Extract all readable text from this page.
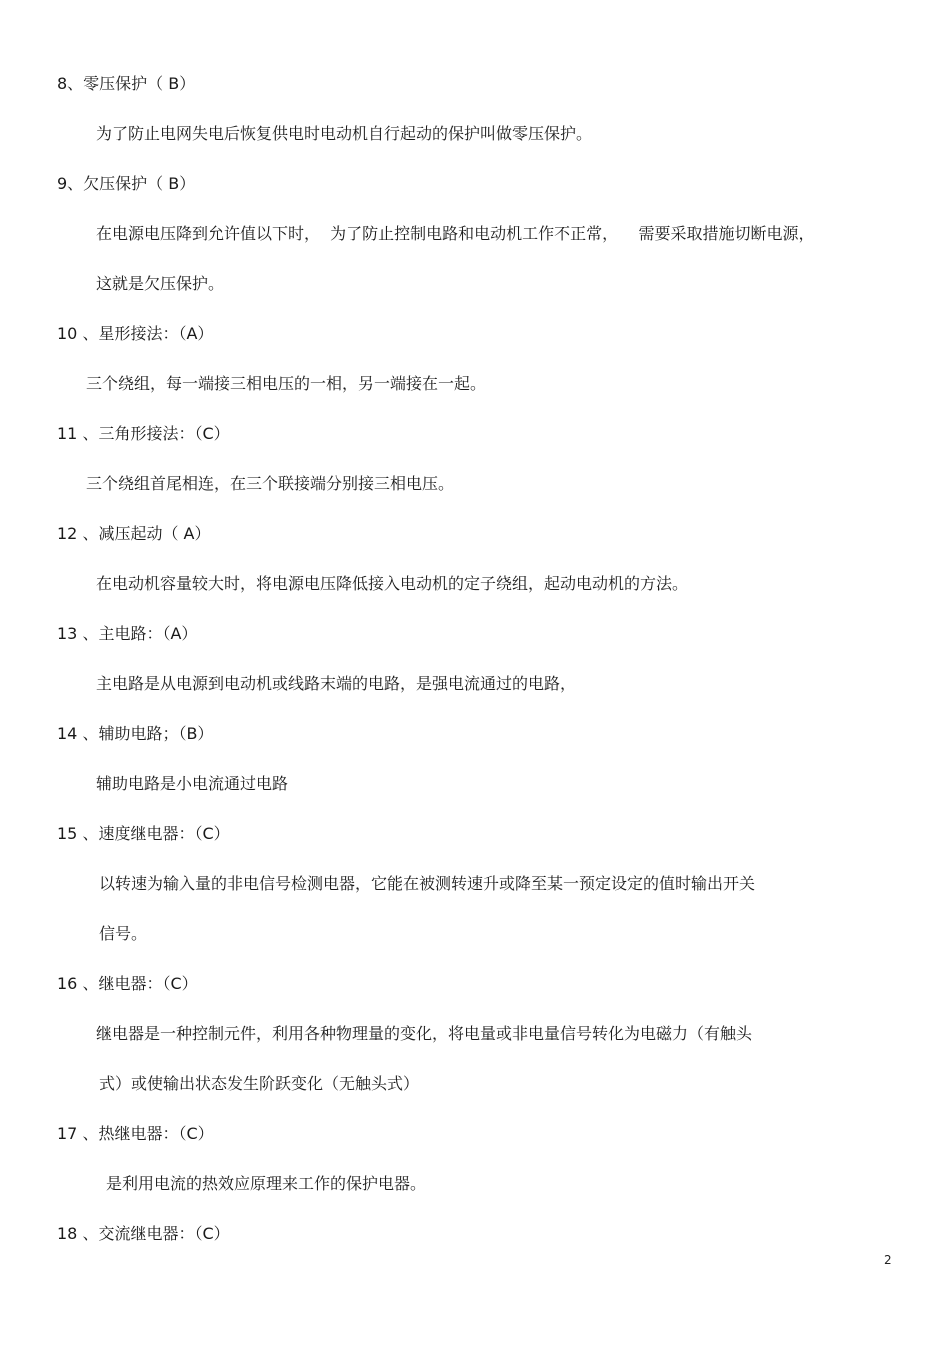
8、零压保护（ B）
为了防止电网失电后恢复供电时电动机自行起动的保护叫做零压保护。
9、欠压保护（ B）
在电源电压降到允许值以下时，  为了防止控制电路和电动机工作不正常，    需要采取措施切断电源，
这就是欠压保护。
10 、星形接法：（A）
三个绕组，每一端接三相电压的一相，另一端接在一起。
11 、三角形接法：（C）
三个绕组首尾相连，在三个联接端分别接三相电压。
12 、减压起动（ A）
在电动机容量较大时，将电源电压降低接入电动机的定子绕组，起动电动机的方法。
13 、主电路：（A）
主电路是从电源到电动机或线路末端的电路，是强电流通过的电路，
14 、辅助电路；（B）
辅助电路是小电流通过电路
15 、速度继电器：（C）
以转速为输入量的非电信号检测电器，它能在被测转速升或降至某一预定设定的值时输出开关
信号。
16 、继电器：（C）
继电器是一种控制元件，利用各种物理量的变化，将电量或非电量信号转化为电磁力（有触头
式）或使输出状态发生阶跃变化（无触头式）
17 、热继电器：（C）
是利用电流的热效应原理来工作的保护电器。
18 、交流继电器：（C）
2
